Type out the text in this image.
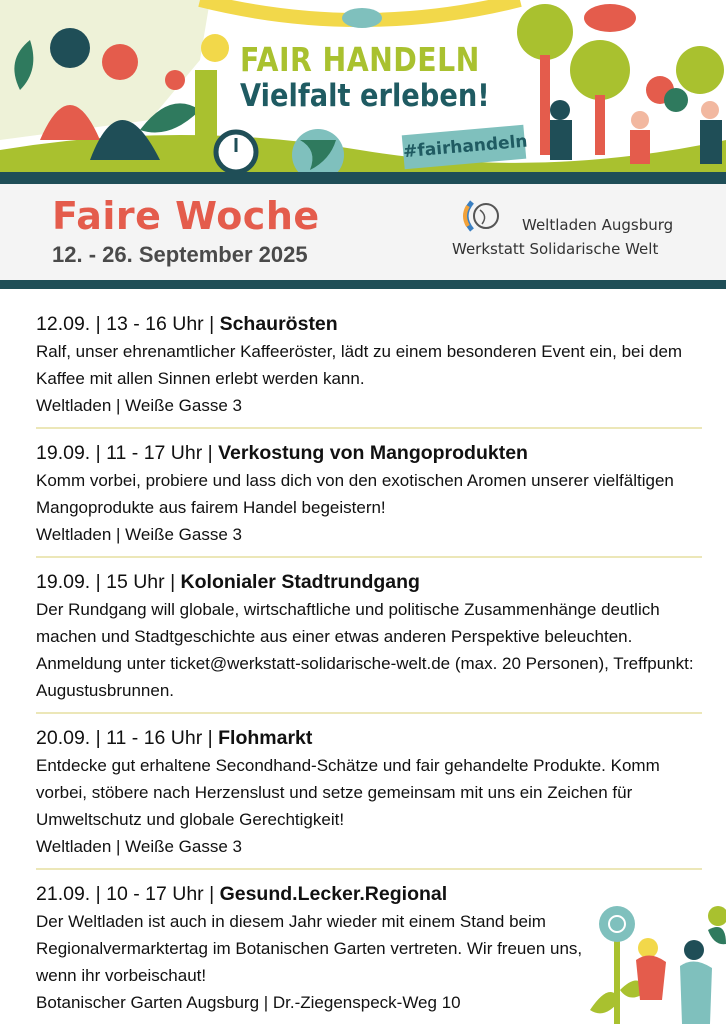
FAIR HANDELN
Vielfalt erleben!
#fairhandeln
Faire Woche
12. - 26. September 2025
Weltladen Augsburg
Werkstatt Solidarische Welt
12.09. | 13 - 16 Uhr | Schaurösten
Ralf, unser ehrenamtlicher Kaffeeröster, lädt zu einem besonderen Event ein, bei dem Kaffee mit allen Sinnen erlebt werden kann.
Weltladen | Weiße Gasse 3
19.09. | 11 - 17 Uhr | Verkostung von Mangoprodukten
Komm vorbei, probiere und lass dich von den exotischen Aromen unserer vielfältigen Mangoprodukte aus fairem Handel begeistern!
Weltladen | Weiße Gasse 3
19.09. | 15 Uhr | Kolonialer Stadtrundgang
Der Rundgang will globale, wirtschaftliche und politische Zusammenhänge deutlich machen und Stadtgeschichte aus einer etwas anderen Perspektive beleuchten. Anmeldung unter ticket@werkstatt-solidarische-welt.de (max. 20 Personen), Treffpunkt: Augustusbrunnen.
20.09. | 11 - 16 Uhr | Flohmarkt
Entdecke gut erhaltene Secondhand-Schätze und fair gehandelte Produkte. Komm vorbei, stöbere nach Herzenslust und setze gemeinsam mit uns ein Zeichen für Umweltschutz und globale Gerechtigkeit!
Weltladen | Weiße Gasse 3
21.09. | 10 - 17 Uhr | Gesund.Lecker.Regional
Der Weltladen ist auch in diesem Jahr wieder mit einem Stand beim Regionalvermarktertag im Botanischen Garten vertreten. Wir freuen uns, wenn ihr vorbeischaut!
Botanischer Garten Augsburg | Dr.-Ziegenspeck-Weg 10
